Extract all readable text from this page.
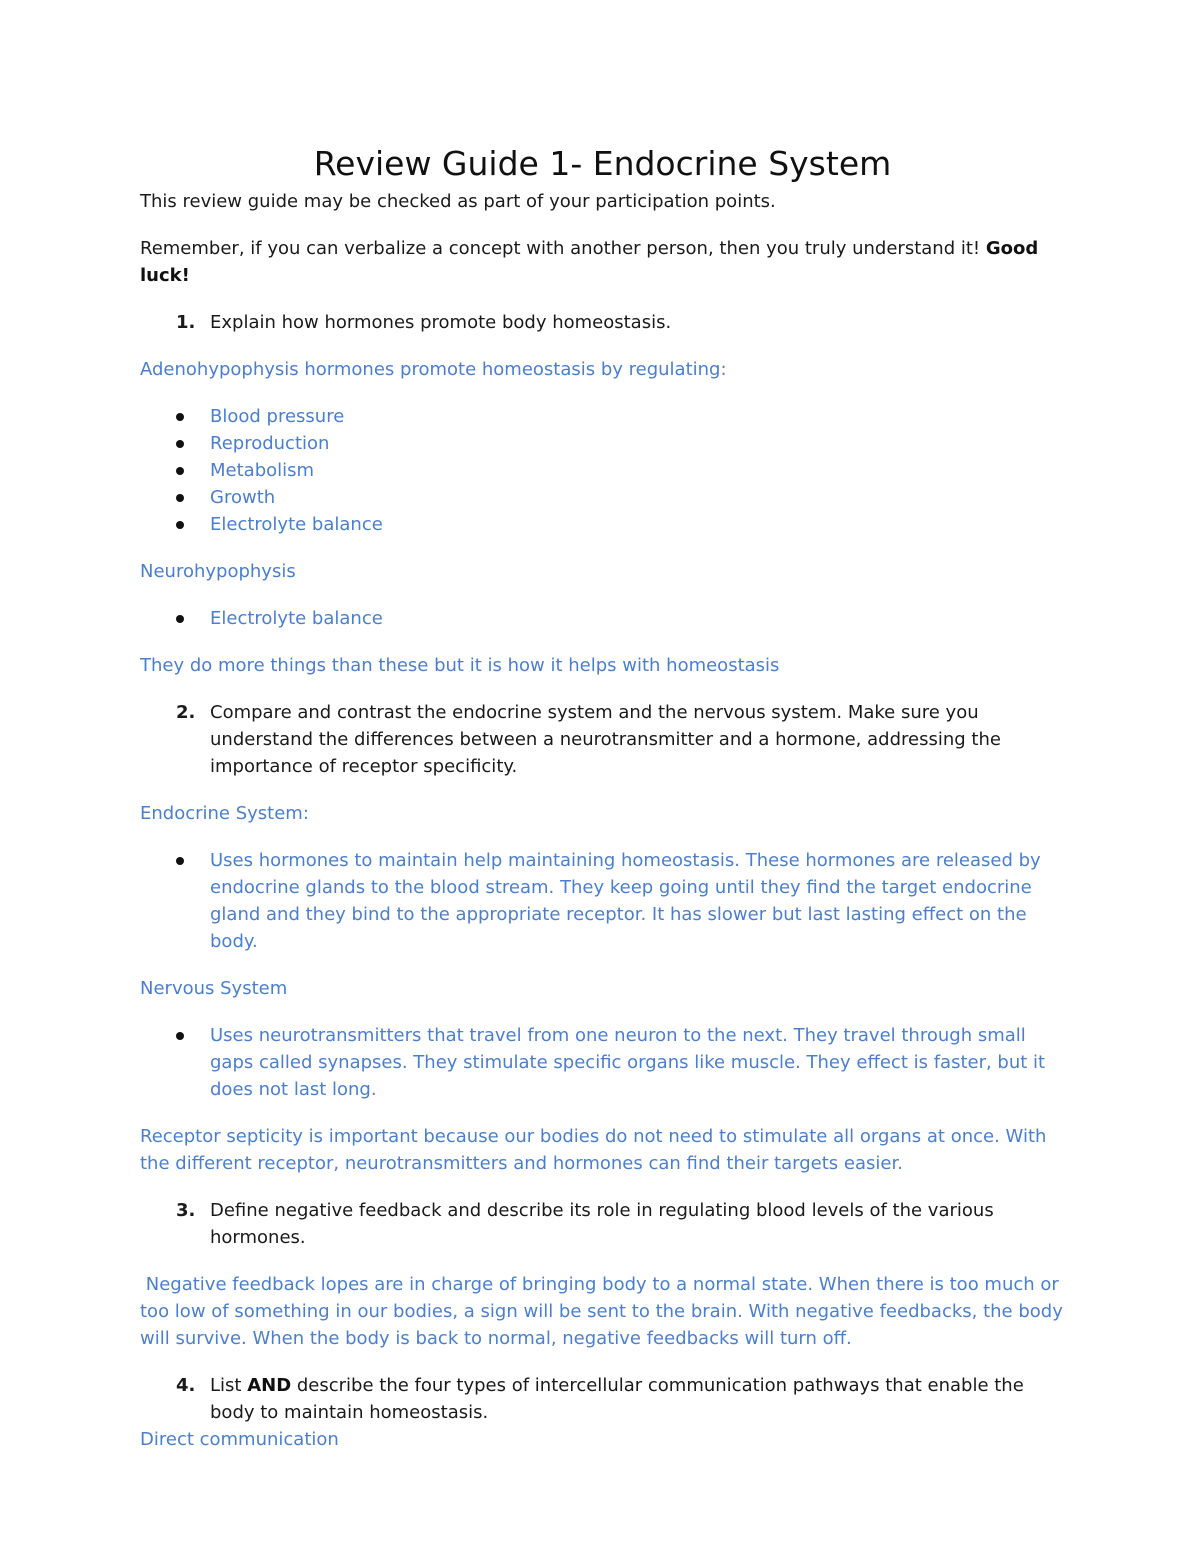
Review Guide 1- Endocrine System

This review guide may be checked as part of your participation points.

Remember, if you can verbalize a concept with another person, then you truly understand it! Good luck!

1. Explain how hormones promote body homeostasis.

Adenohypophysis hormones promote homeostasis by regulating:

Blood pressure
Reproduction
Metabolism
Growth
Electrolyte balance

Neurohypophysis

Electrolyte balance

They do more things than these but it is how it helps with homeostasis

2. Compare and contrast the endocrine system and the nervous system. Make sure you understand the differences between a neurotransmitter and a hormone, addressing the importance of receptor specificity.

Endocrine System:

Uses hormones to maintain help maintaining homeostasis. These hormones are released by endocrine glands to the blood stream. They keep going until they find the target endocrine gland and they bind to the appropriate receptor. It has slower but last lasting effect on the body.

Nervous System

Uses neurotransmitters that travel from one neuron to the next. They travel through small gaps called synapses. They stimulate specific organs like muscle. They effect is faster, but it does not last long.

Receptor septicity is important because our bodies do not need to stimulate all organs at once. With the different receptor, neurotransmitters and hormones can find their targets easier.

3. Define negative feedback and describe its role in regulating blood levels of the various hormones.

Negative feedback lopes are in charge of bringing body to a normal state. When there is too much or too low of something in our bodies, a sign will be sent to the brain. With negative feedbacks, the body will survive. When the body is back to normal, negative feedbacks will turn off.

4. List AND describe the four types of intercellular communication pathways that enable the body to maintain homeostasis.

Direct communication
